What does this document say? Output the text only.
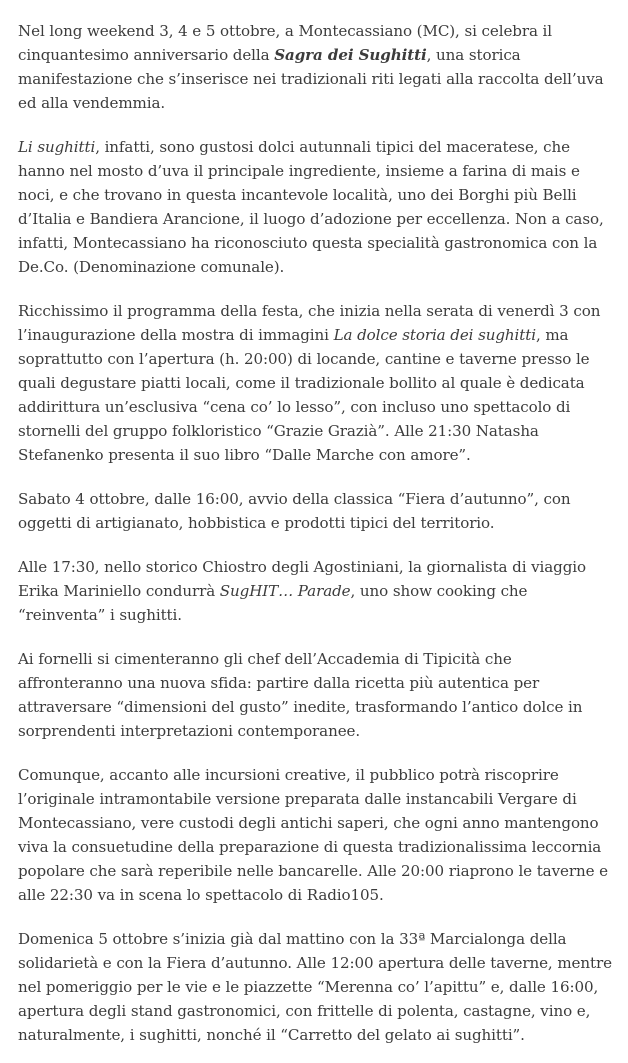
Nel long weekend 3, 4 e 5 ottobre, a Montecassiano (MC), si celebra il cinquantesimo anniversario della Sagra dei Sughitti, una storica manifestazione che s’inserisce nei tradizionali riti legati alla raccolta dell’uva ed alla vendemmia.

Li sughitti, infatti, sono gustosi dolci autunnali tipici del maceratese, che hanno nel mosto d’uva il principale ingrediente, insieme a farina di mais e noci, e che trovano in questa incantevole località, uno dei Borghi più Belli d’Italia e Bandiera Arancione, il luogo d’adozione per eccellenza. Non a caso, infatti, Montecassiano ha riconosciuto questa specialità gastronomica con la De.Co. (Denominazione comunale).

Ricchissimo il programma della festa, che inizia nella serata di venerdì 3 con l’inaugurazione della mostra di immagini La dolce storia dei sughitti, ma soprattutto con l’apertura (h. 20:00) di locande, cantine e taverne presso le quali degustare piatti locali, come il tradizionale bollito al quale è dedicata addirittura un’esclusiva “cena co’ lo lesso”, con incluso uno spettacolo di stornelli del gruppo folkloristico “Grazie Grazià”. Alle 21:30 Natasha Stefanenko presenta il suo libro “Dalle Marche con amore”.

Sabato 4 ottobre, dalle 16:00, avvio della classica “Fiera d’autunno”, con oggetti di artigianato, hobbistica e prodotti tipici del territorio.

Alle 17:30, nello storico Chiostro degli Agostiniani, la giornalista di viaggio Erika Mariniello condurrà SugHIT… Parade, uno show cooking che “reinventa” i sughitti.

Ai fornelli si cimenteranno gli chef dell’Accademia di Tipicità che affronteranno una nuova sfida: partire dalla ricetta più autentica per attraversare “dimensioni del gusto” inedite, trasformando l’antico dolce in sorprendenti interpretazioni contemporanee.

Comunque, accanto alle incursioni creative, il pubblico potrà riscoprire l’originale intramontabile versione preparata dalle instancabili Vergare di Montecassiano, vere custodi degli antichi saperi, che ogni anno mantengono viva la consuetudine della preparazione di questa tradizionalissima leccornia popolare che sarà reperibile nelle bancarelle. Alle 20:00 riaprono le taverne e alle 22:30 va in scena lo spettacolo di Radio105.

Domenica 5 ottobre s’inizia già dal mattino con la 33ª Marcialonga della solidarietà e con la Fiera d’autunno. Alle 12:00 apertura delle taverne, mentre nel pomeriggio per le vie e le piazzette “Merenna co’ l’apittu” e, dalle 16:00, apertura degli stand gastronomici, con frittelle di polenta, castagne, vino e, naturalmente, i sughitti, nonché il “Carretto del gelato ai sughitti”.
